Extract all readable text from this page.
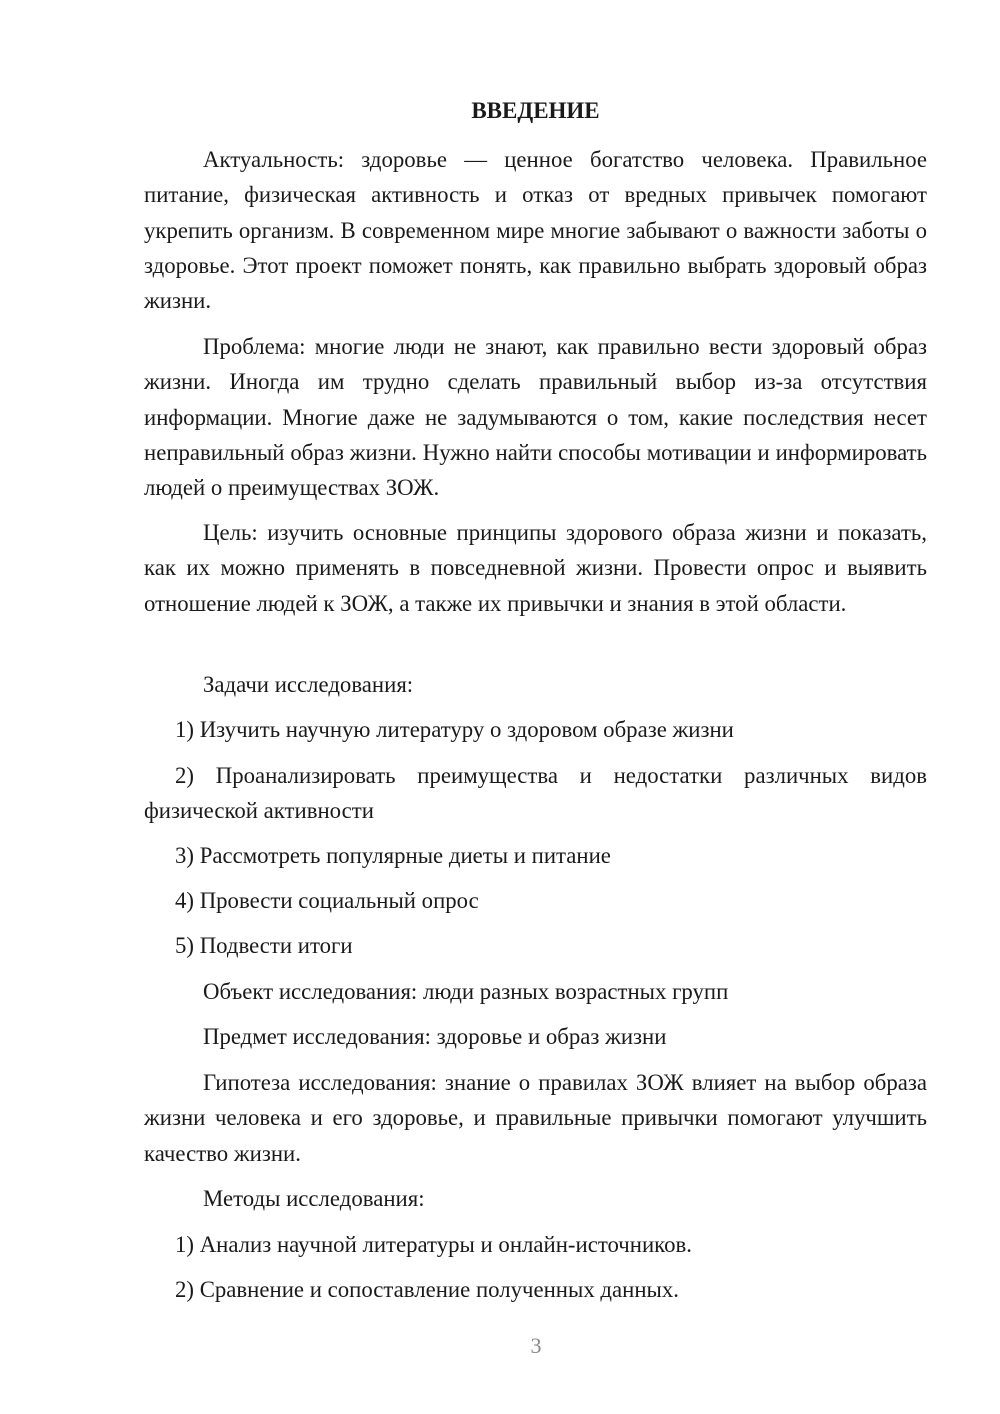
ВВЕДЕНИЕ

Актуальность: здоровье — ценное богатство человека. Правильное питание, физическая активность и отказ от вредных привычек помогают укрепить организм. В современном мире многие забывают о важности заботы о здоровье. Этот проект поможет понять, как правильно выбрать здоровый образ жизни.

Проблема: многие люди не знают, как правильно вести здоровый образ жизни. Иногда им трудно сделать правильный выбор из-за отсутствия информации. Многие даже не задумываются о том, какие последствия несет неправильный образ жизни. Нужно найти способы мотивации и информировать людей о преимуществах ЗОЖ.

Цель: изучить основные принципы здорового образа жизни и показать, как их можно применять в повседневной жизни. Провести опрос и выявить отношение людей к ЗОЖ, а также их привычки и знания в этой области.

Задачи исследования:

1) Изучить научную литературу о здоровом образе жизни

2) Проанализировать преимущества и недостатки различных видов физической активности

3) Рассмотреть популярные диеты и питание

4) Провести социальный опрос

5) Подвести итоги

Объект исследования: люди разных возрастных групп

Предмет исследования: здоровье и образ жизни

Гипотеза исследования: знание о правилах ЗОЖ влияет на выбор образа жизни человека и его здоровье, и правильные привычки помогают улучшить качество жизни.

Методы исследования:

1) Анализ научной литературы и онлайн-источников.

2) Сравнение и сопоставление полученных данных.

3
